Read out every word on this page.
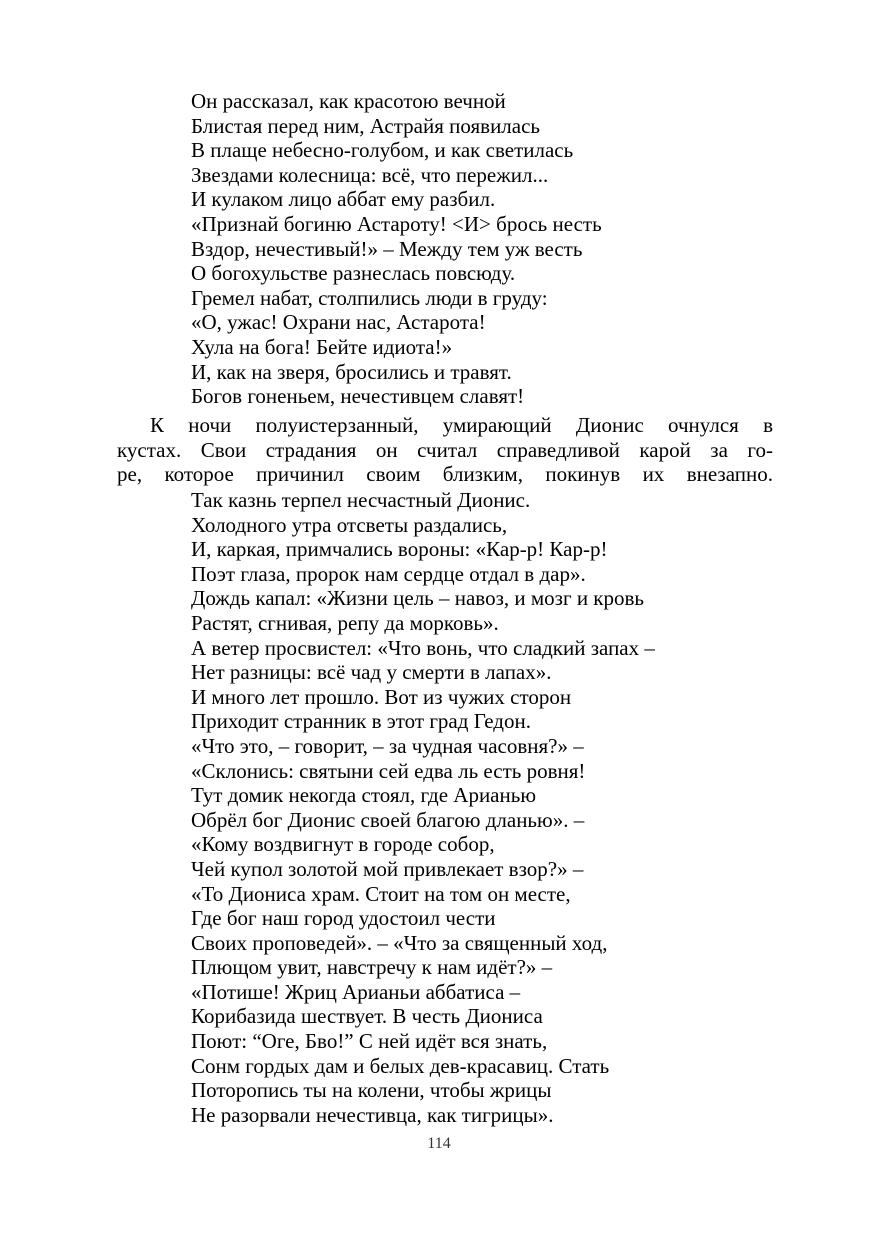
Он рассказал, как красотою вечной
Блистая перед ним, Астрайя появилась
В плаще небесно-голубом, и как светилась
Звездами колесница: всё, что пережил...
И кулаком лицо аббат ему разбил.
«Признай богиню Астароту! <И> брось несть
Вздор, нечестивый!» – Между тем уж весть
О богохульстве разнеслась повсюду.
Гремел набат, столпились люди в груду:
«О, ужас! Охрани нас, Астарота!
Хула на бога! Бейте идиота!»
И, как на зверя, бросились и травят.
Богов гоненьем, нечестивцем славят!

К ночи полуистерзанный, умирающий Дионис очнулся в
кустах. Свои страдания он считал справедливой карой за го-
ре, которое причинил своим близким, покинув их внезапно.

Так казнь терпел несчастный Дионис.
Холодного утра отсветы раздались,
И, каркая, примчались вороны: «Кар-р! Кар-р!
Поэт глаза, пророк нам сердце отдал в дар».
Дождь капал: «Жизни цель – навоз, и мозг и кровь
Растят, сгнивая, репу да морковь».
А ветер просвистел: «Что вонь, что сладкий запах –
Нет разницы: всё чад у смерти в лапах».
И много лет прошло. Вот из чужих сторон
Приходит странник в этот град Гедон.
«Что это, – говорит, – за чудная часовня?» –
«Склонись: святыни сей едва ль есть ровня!
Тут домик некогда стоял, где Арианью
Обрёл бог Дионис своей благою дланью». –
«Кому воздвигнут в городе собор,
Чей купол золотой мой привлекает взор?» –
«То Диониса храм. Стоит на том он месте,
Где бог наш город удостоил чести
Своих проповедей». – «Что за священный ход,
Плющом увит, навстречу к нам идёт?» –
«Потише! Жриц Арианьи аббатиса –
Корибазида шествует. В честь Диониса
Поют: “Оге, Бво!” С ней идёт вся знать,
Сонм гордых дам и белых дев-красавиц. Стать
Поторопись ты на колени, чтобы жрицы
Не разорвали нечестивца, как тигрицы».
114
